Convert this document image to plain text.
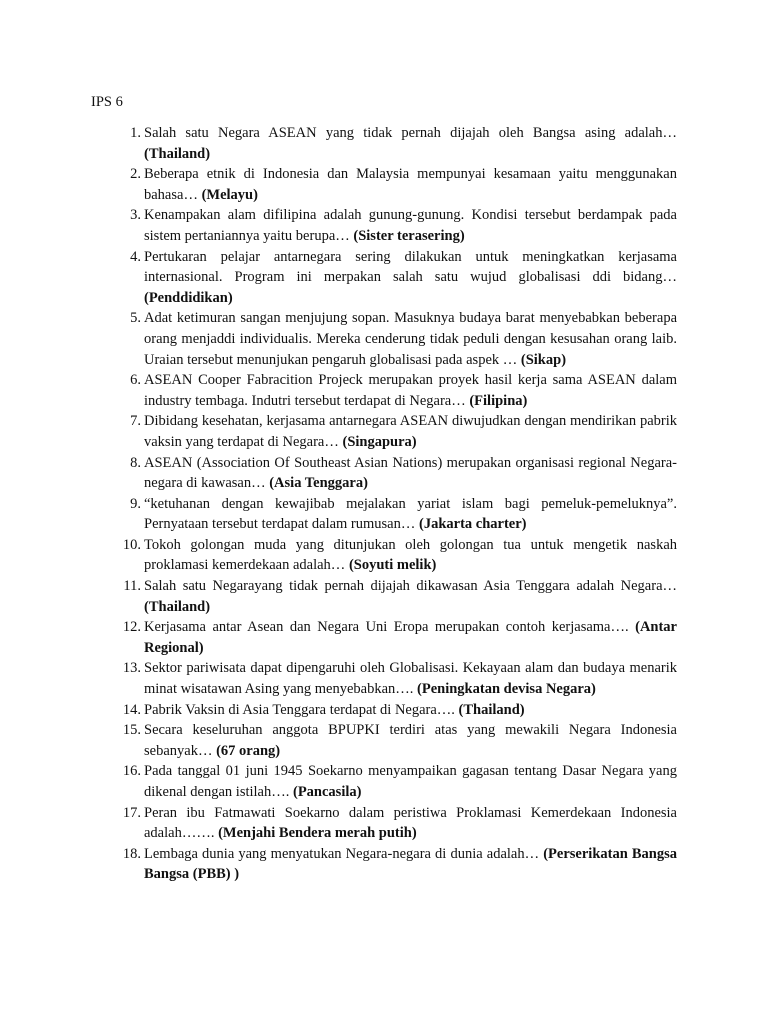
IPS 6

1. Salah satu Negara ASEAN yang tidak pernah dijajah oleh Bangsa asing adalah… (Thailand)
2. Beberapa etnik di Indonesia dan Malaysia mempunyai kesamaan yaitu menggunakan bahasa… (Melayu)
3. Kenampakan alam difilipina adalah gunung-gunung. Kondisi tersebut berdampak pada sistem pertaniannya yaitu berupa… (Sister terasering)
4. Pertukaran pelajar antarnegara sering dilakukan untuk meningkatkan kerjasama internasional. Program ini merpakan salah satu wujud globalisasi ddi bidang… (Penddidikan)
5. Adat ketimuran sangan menjujung sopan. Masuknya budaya barat menyebabkan beberapa orang menjaddi individualis. Mereka cenderung tidak peduli dengan kesusahan orang laib. Uraian tersebut menunjukan pengaruh globalisasi pada aspek … (Sikap)
6. ASEAN Cooper Fabracition Projeck merupakan proyek hasil kerja sama ASEAN dalam industry tembaga. Indutri tersebut terdapat di Negara… (Filipina)
7. Dibidang kesehatan, kerjasama antarnegara ASEAN diwujudkan dengan mendirikan pabrik vaksin yang terdapat di Negara… (Singapura)
8. ASEAN (Association Of Southeast Asian Nations) merupakan organisasi regional Negara-negara di kawasan… (Asia Tenggara)
9. “ketuhanan dengan kewajibab mejalakan yariat islam bagi pemeluk-pemeluknya”. Pernyataan tersebut terdapat dalam rumusan… (Jakarta charter)
10. Tokoh golongan muda yang ditunjukan oleh golongan tua untuk mengetik naskah proklamasi kemerdekaan adalah… (Soyuti melik)
11. Salah satu Negarayang tidak pernah dijajah dikawasan Asia Tenggara adalah Negara… (Thailand)
12. Kerjasama antar Asean dan Negara Uni Eropa merupakan contoh kerjasama…. (Antar Regional)
13. Sektor pariwisata dapat dipengaruhi oleh Globalisasi. Kekayaan alam dan budaya menarik minat wisatawan Asing yang menyebabkan…. (Peningkatan devisa Negara)
14. Pabrik Vaksin di Asia Tenggara terdapat di Negara…. (Thailand)
15. Secara keseluruhan anggota BPUPKI terdiri atas yang mewakili Negara Indonesia sebanyak… (67 orang)
16. Pada tanggal 01 juni 1945 Soekarno menyampaikan gagasan tentang Dasar Negara yang dikenal dengan istilah…. (Pancasila)
17. Peran ibu Fatmawati Soekarno dalam peristiwa Proklamasi Kemerdekaan Indonesia adalah……. (Menjahi Bendera merah putih)
18. Lembaga dunia yang menyatukan Negara-negara di dunia adalah… (Perserikatan Bangsa Bangsa (PBB) )
